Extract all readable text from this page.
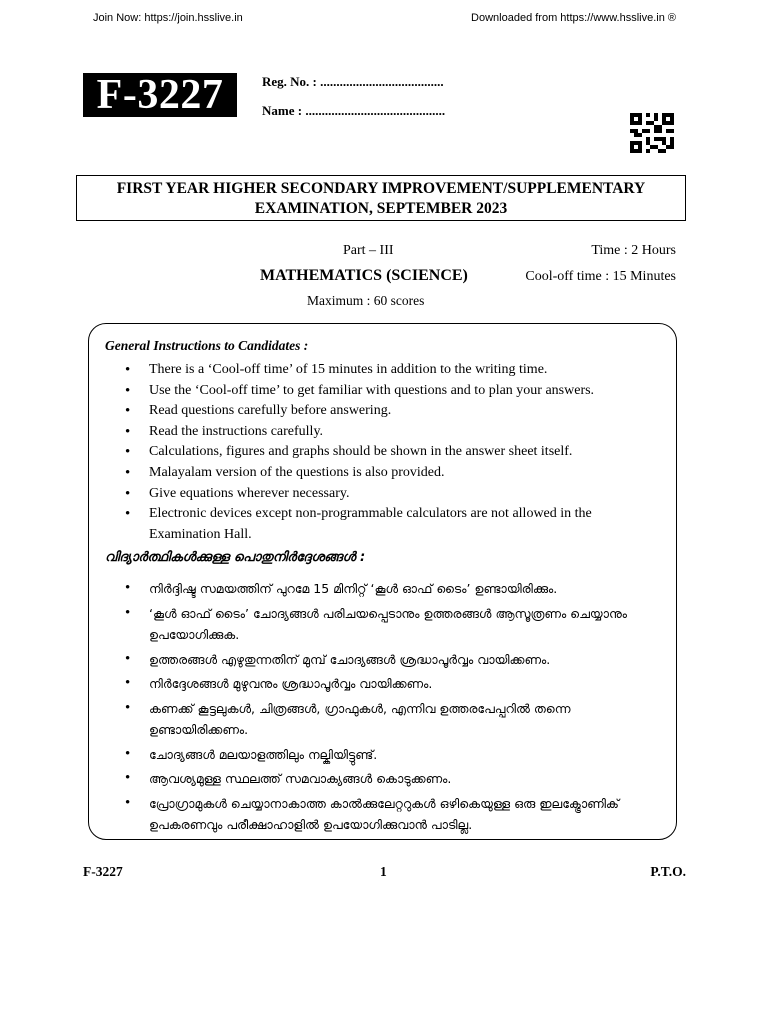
Join Now: https://join.hsslive.in	Downloaded from https://www.hsslive.in ®
F-3227	Reg. No. : ......................................
Name : ...........................................
FIRST YEAR HIGHER SECONDARY IMPROVEMENT/SUPPLEMENTARY
EXAMINATION, SEPTEMBER 2023
Part – III	Time : 2 Hours
MATHEMATICS (SCIENCE)	Cool-off time : 15 Minutes
Maximum : 60 scores
General Instructions to Candidates :
• There is a ‘Cool-off time’ of 15 minutes in addition to the writing time.
• Use the ‘Cool-off time’ to get familiar with questions and to plan your answers.
• Read questions carefully before answering.
• Read the instructions carefully.
• Calculations, figures and graphs should be shown in the answer sheet itself.
• Malayalam version of the questions is also provided.
• Give equations wherever necessary.
• Electronic devices except non-programmable calculators are not allowed in the Examination Hall.
വിദ്യാർത്ഥികൾക്കുള്ള പൊതുനിർദ്ദേശങ്ങൾ :
• നിർദ്ദിഷ്ട സമയത്തിന് പുറമേ 15 മിനിറ്റ് ‘കൂൾ ഓഫ് ടൈം’ ഉണ്ടായിരിക്കും.
• ‘കൂൾ ഓഫ് ടൈം’ ചോദ്യങ്ങൾ പരിചയപ്പെടാനും ഉത്തരങ്ങൾ ആസൂത്രണം ചെയ്യാനും ഉപയോഗിക്കുക.
• ഉത്തരങ്ങൾ എഴുതുന്നതിന് മുമ്പ് ചോദ്യങ്ങൾ ശ്രദ്ധാപൂർവ്വം വായിക്കണം.
• നിർദ്ദേശങ്ങൾ മുഴുവനും ശ്രദ്ധാപൂർവ്വം വായിക്കണം.
• കണക്ക് കൂട്ടലുകൾ, ചിത്രങ്ങൾ, ഗ്രാഫുകൾ, എന്നിവ ഉത്തരപേപ്പറിൽ തന്നെ ഉണ്ടായിരിക്കണം.
• ചോദ്യങ്ങൾ മലയാളത്തിലും നല്കിയിട്ടുണ്ട്.
• ആവശ്യമുള്ള സ്ഥലത്ത് സമവാക്യങ്ങൾ കൊടുക്കണം.
• പ്രോഗ്രാമുകൾ ചെയ്യാനാകാത്ത കാൽക്കുലേറ്ററുകൾ ഒഴികെയുള്ള ഒരു ഇലക്ട്രോണിക് ഉപകരണവും പരീക്ഷാഹാളിൽ ഉപയോഗിക്കുവാൻ പാടില്ല.
F-3227	1	P.T.O.
